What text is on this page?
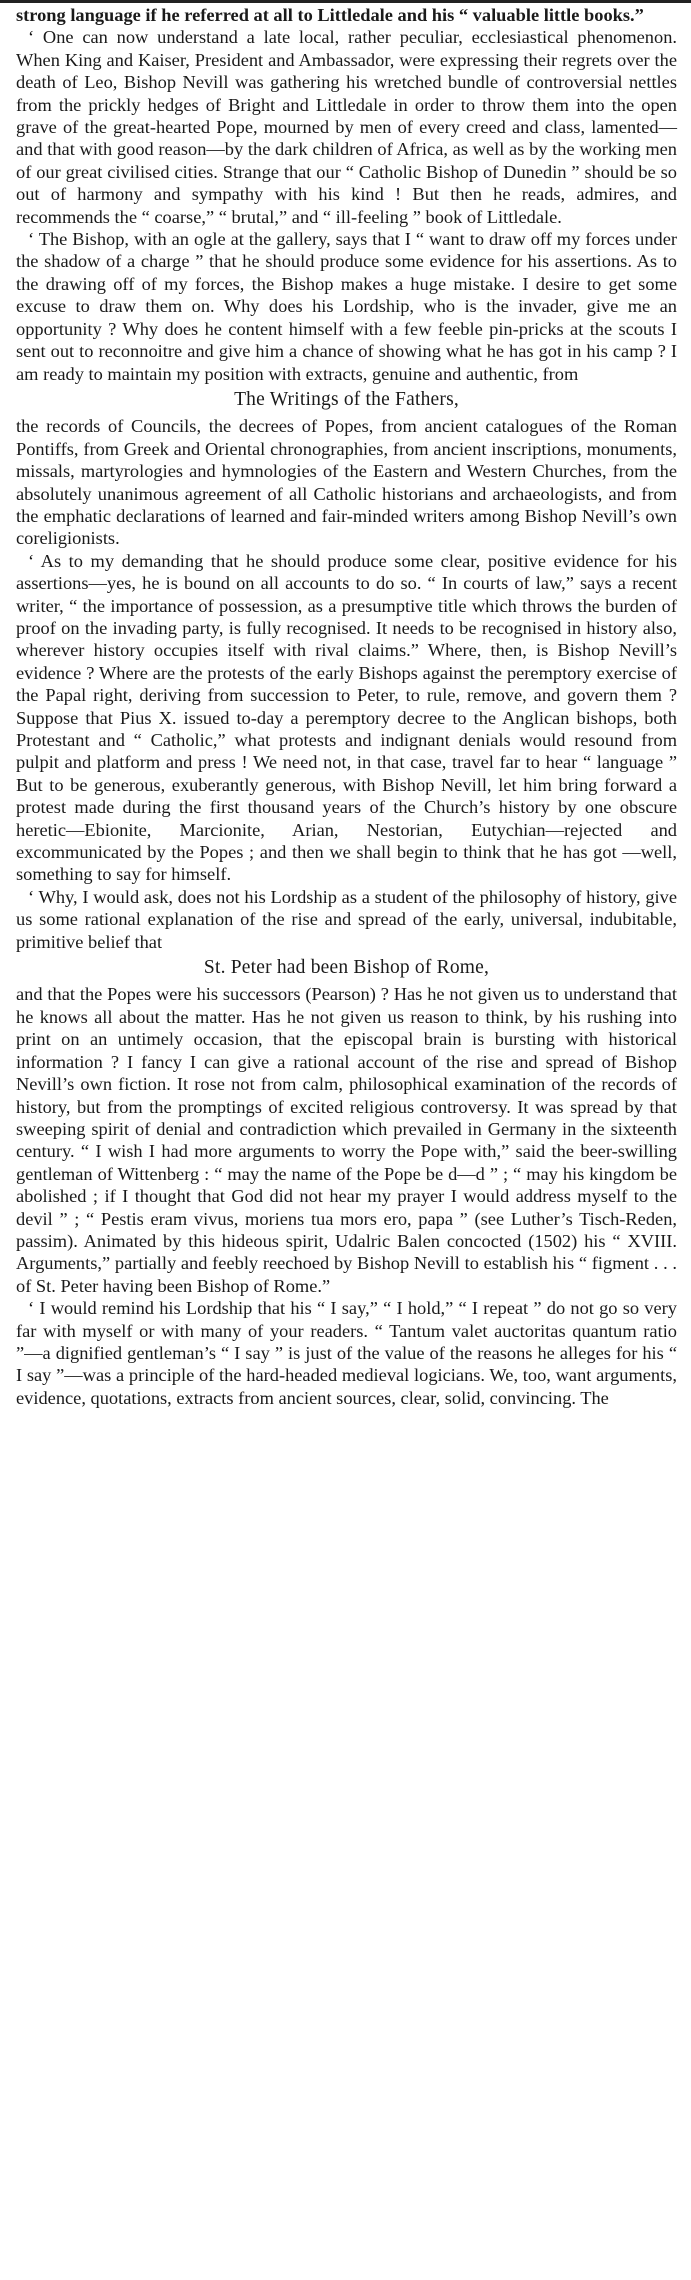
strong language if he referred at all to Littledale and his “ valuable little books.”

‘ One can now understand a late local, rather peculiar, ecclesiastical phenomenon. When King and Kaiser, President and Ambassador, were expressing their regrets over the death of Leo, Bishop Nevill was gathering his wretched bundle of controversial nettles from the prickly hedges of Bright and Littledale in order to throw them into the open grave of the great-hearted Pope, mourned by men of every creed and class, lamented—and that with good reason—by the dark children of Africa, as well as by the working men of our great civilised cities. Strange that our “ Catholic Bishop of Dunedin ” should be so out of harmony and sympathy with his kind ! But then he reads, admires, and recommends the “ coarse,” “ brutal,” and “ ill-feeling ” book of Littledale.

‘ The Bishop, with an ogle at the gallery, says that I “ want to draw off my forces under the shadow of a charge ” that he should produce some evidence for his assertions. As to the drawing off of my forces, the Bishop makes a huge mistake. I desire to get some excuse to draw them on. Why does his Lordship, who is the invader, give me an opportunity ? Why does he content himself with a few feeble pin-pricks at the scouts I sent out to reconnoitre and give him a chance of showing what he has got in his camp ? I am ready to maintain my position with extracts, genuine and authentic, from

The Writings of the Fathers,

the records of Councils, the decrees of Popes, from ancient catalogues of the Roman Pontiffs, from Greek and Oriental chronographies, from ancient inscriptions, monuments, missals, martyrologies and hymnologies of the Eastern and Western Churches, from the absolutely unanimous agreement of all Catholic historians and archaeologists, and from the emphatic declarations of learned and fair-minded writers among Bishop Nevill’s own coreligionists.

‘ As to my demanding that he should produce some clear, positive evidence for his assertions—yes, he is bound on all accounts to do so. “ In courts of law,” says a recent writer, “ the importance of possession, as a presumptive title which throws the burden of proof on the invading party, is fully recognised. It needs to be recognised in history also, wherever history occupies itself with rival claims.” Where, then, is Bishop Nevill’s evidence ? Where are the protests of the early Bishops against the peremptory exercise of the Papal right, deriving from succession to Peter, to rule, remove, and govern them ? Suppose that Pius X. issued to-day a peremptory decree to the Anglican bishops, both Protestant and “ Catholic,” what protests and indignant denials would resound from pulpit and platform and press ! We need not, in that case, travel far to hear “ language ” But to be generous, exuberantly generous, with Bishop Nevill, let him bring forward a protest made during the first thousand years of the Church’s history by one obscure heretic—Ebionite, Marcionite, Arian, Nestorian, Eutychian—rejected and excommunicated by the Popes ; and then we shall begin to think that he has got —well, something to say for himself.

‘ Why, I would ask, does not his Lordship as a student of the philosophy of history, give us some rational explanation of the rise and spread of the early, universal, indubitable, primitive belief that

St. Peter had been Bishop of Rome,

and that the Popes were his successors (Pearson) ? Has he not given us to understand that he knows all about the matter. Has he not given us reason to think, by his rushing into print on an untimely occasion, that the episcopal brain is bursting with historical information ? I fancy I can give a rational account of the rise and spread of Bishop Nevill’s own fiction. It rose not from calm, philosophical examination of the records of history, but from the promptings of excited religious controversy. It was spread by that sweeping spirit of denial and contradiction which prevailed in Germany in the sixteenth century. “ I wish I had more arguments to worry the Pope with,” said the beer-swilling gentleman of Wittenberg : “ may the name of the Pope be d—d ” ; “ may his kingdom be abolished ; if I thought that God did not hear my prayer I would address myself to the devil ” ; “ Pestis eram vivus, moriens tua mors ero, papa ” (see Luther’s Tisch-Reden, passim). Animated by this hideous spirit, Udalric Balen concocted (1502) his “ XVIII. Arguments,” partially and feebly reechoed by Bishop Nevill to establish his “ figment . . . of St. Peter having been Bishop of Rome.”

‘ I would remind his Lordship that his “ I say,” “ I hold,” “ I repeat ” do not go so very far with myself or with many of your readers. “ Tantum valet auctoritas quantum ratio ”—a dignified gentleman’s “ I say ” is just of the value of the reasons he alleges for his “ I say ”—was a principle of the hard-headed medieval logicians. We, too, want arguments, evidence, quotations, extracts from ancient sources, clear, solid, convincing. The
